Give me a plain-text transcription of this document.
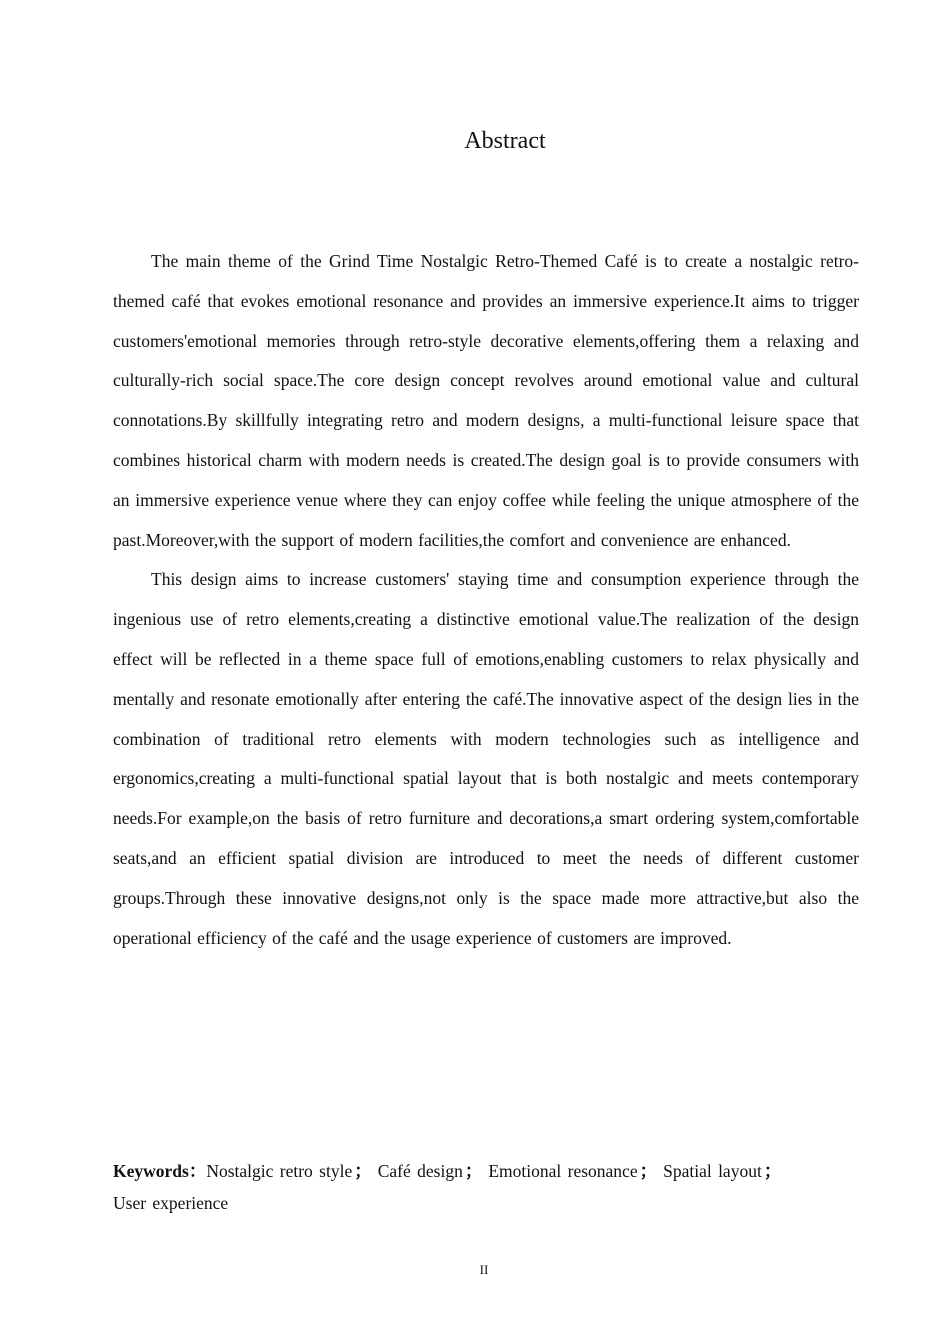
Abstract

The main theme of the Grind Time Nostalgic Retro-Themed Café is to create a nostalgic retro-themed café that evokes emotional resonance and provides an immersive experience.It aims to trigger customers'emotional memories through retro-style decorative elements,offering them a relaxing and culturally-rich social space.The core design concept revolves around emotional value and cultural connotations.By skillfully integrating retro and modern designs, a multi-functional leisure space that combines historical charm with modern needs is created.The design goal is to provide consumers with an immersive experience venue where they can enjoy coffee while feeling the unique atmosphere of the past.Moreover,with the support of modern facilities,the comfort and convenience are enhanced.

This design aims to increase customers' staying time and consumption experience through the ingenious use of retro elements,creating a distinctive emotional value.The realization of the design effect will be reflected in a theme space full of emotions,enabling customers to relax physically and mentally and resonate emotionally after entering the café.The innovative aspect of the design lies in the combination of traditional retro elements with modern technologies such as intelligence and ergonomics,creating a multi-functional spatial layout that is both nostalgic and meets contemporary needs.For example,on the basis of retro furniture and decorations,a smart ordering system,comfortable seats,and an efficient spatial division are introduced to meet the needs of different customer groups.Through these innovative designs,not only is the space made more attractive,but also the operational efficiency of the café and the usage experience of customers are improved.

Keywords：Nostalgic retro style ； Café design ； Emotional resonance ； Spatial layout ；
User experience

II
